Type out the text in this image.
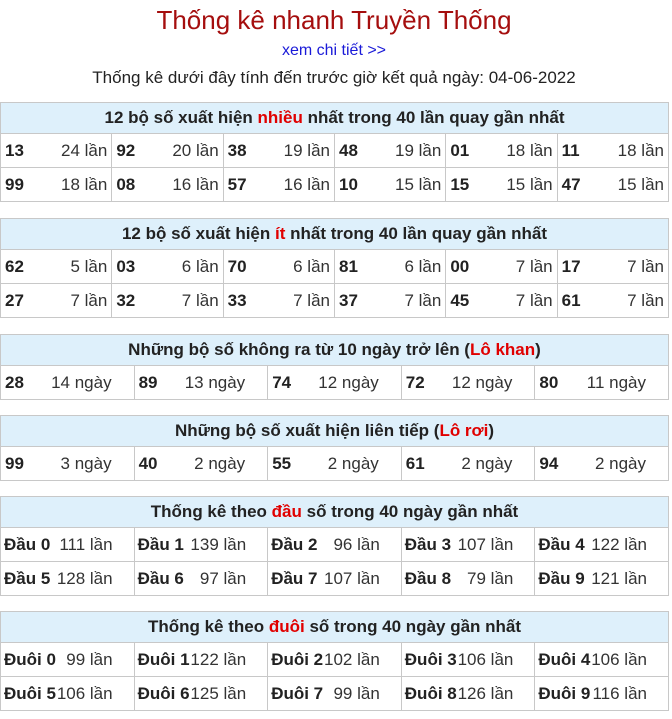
Thống kê nhanh Truyền Thống
xem chi tiết >>
Thống kê dưới đây tính đến trước giờ kết quả ngày: 04-06-2022
12 bộ số xuất hiện nhiều nhất trong 40 lần quay gần nhất					

13 24 lần	92 20 lần	38 19 lần	48 19 lần	01 18 lần	11 18 lần

99 18 lần	08 16 lần	57 16 lần	10 15 lần	15 15 lần	47 15 lần
12 bộ số xuất hiện ít nhất trong 40 lần quay gần nhất					

62 5 lần	03 6 lần	70 6 lần	81 6 lần	00 7 lần	17 7 lần

27 7 lần	32 7 lần	33 7 lần	37 7 lần	45 7 lần	61 7 lần
Những bộ số không ra từ 10 ngày trở lên (Lô khan)

28 14 ngày	89 13 ngày	74 12 ngày	72 12 ngày	80 11 ngày
Những bộ số xuất hiện liên tiếp (Lô rơi)

99 3 ngày	40 2 ngày	55 2 ngày	61 2 ngày	94 2 ngày
Thống kê theo đầu số trong 40 ngày gần nhất				

Đầu 0 111 lần	Đầu 1 139 lần	Đầu 2 96 lần	Đầu 3 107 lần	Đầu 4 122 lần

Đầu 5 128 lần	Đầu 6 97 lần	Đầu 7 107 lần	Đầu 8 79 lần	Đầu 9 121 lần
Thống kê theo đuôi số trong 40 ngày gần nhất				

Đuôi 0 99 lần	Đuôi 1 122 lần	Đuôi 2 102 lần	Đuôi 3 106 lần	Đuôi 4 106 lần

Đuôi 5 106 lần	Đuôi 6 125 lần	Đuôi 7 99 lần	Đuôi 8 126 lần	Đuôi 9 116 lần
